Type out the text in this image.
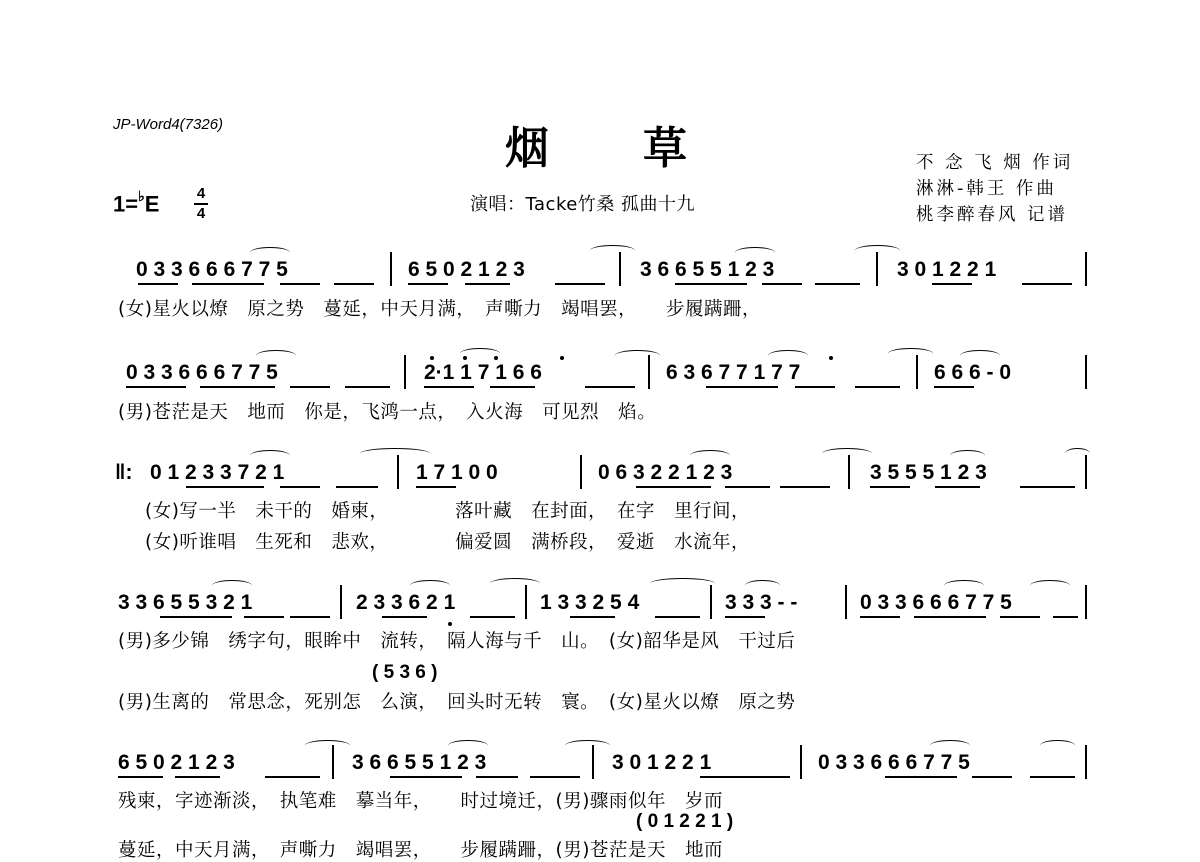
JP-Word4(7326)	烟　　草	不 念 飞 烟 作词
淋淋-韩王 作曲
桃李醉春风 记谱
1=♭E 4
4	演唱：Tacke竹桑 孤曲十九
0 3 3 6 6 6 7 7 5	6 5 0 2 1 2 3	3 6 6 5 5 1 2 3	3 0 1 2 2 1
(女)星火以燎　原之势　蔓延，中天月满，　声嘶力　竭唱罢，　　步履蹒跚，
0 3 3 6 6 6 7 7 5	2·1 1 7 1 6 6	6 3 6 7 7 1 7 7	6 6 6 - 0
(男)苍茫是天　地而　你是，飞鸿一点，　入火海　可见烈　焰。
‖: 0 1 2 3 3 7 2 1	1 7 1 0 0	0 6 3 2 2 1 2 3	3 5 5 5 1 2 3
(女)写一半　未干的　婚柬，　　　　落叶藏　在封面，　在字　里行间，
(女)听谁唱　生死和　悲欢，　　　　偏爱圆　满桥段，　爱逝　水流年，
3 3 6 5 5 3 2 1	2 3 3 6 2 1	1 3 3 2 5 4	3 3 3 - -	0 3 3 6 6 6 7 7 5
(男)多少锦　绣字句，眼眸中　流转，　隔人海与千　山。　(女)韶华是风　干过后
( 5 3 6 )
(男)生离的　常思念，死别怎　么演，　回头时无转　寰。　(女)星火以燎　原之势
6 5 0 2 1 2 3	3 6 6 5 5 1 2 3	3 0 1 2 2 1	0 3 3 6 6 6 7 7 5
残柬，字迹渐淡，　执笔难　摹当年，　　时过境迁，(男)骤雨似年　岁而
( 0 1 2 2 1 )
蔓延，中天月满，　声嘶力　竭唱罢，　　步履蹒跚，(男)苍茫是天　地而
